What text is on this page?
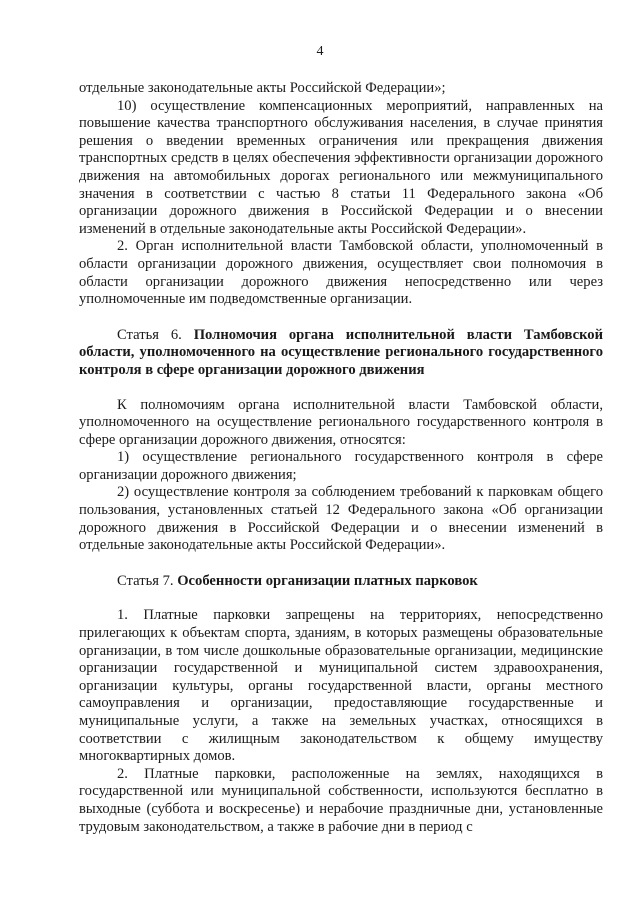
4

отдельные законодательные акты Российской Федерации»;

10) осуществление компенсационных мероприятий, направленных на повышение качества транспортного обслуживания населения, в случае принятия решения о введении временных ограничения или прекращения движения транспортных средств в целях обеспечения эффективности организации дорожного движения на автомобильных дорогах регионального или межмуниципального значения в соответствии с частью 8 статьи 11 Федерального закона «Об организации дорожного движения в Российской Федерации и о внесении изменений в отдельные законодательные акты Российской Федерации».

2. Орган исполнительной власти Тамбовской области, уполномоченный в области организации дорожного движения, осуществляет свои полномочия в области организации дорожного движения непосредственно или через уполномоченные им подведомственные организации.

Статья 6. Полномочия органа исполнительной власти Тамбовской области, уполномоченного на осуществление регионального государственного контроля в сфере организации дорожного движения

К полномочиям органа исполнительной власти Тамбовской области, уполномоченного на осуществление регионального государственного контроля в сфере организации дорожного движения, относятся:

1) осуществление регионального государственного контроля в сфере организации дорожного движения;

2) осуществление контроля за соблюдением требований к парковкам общего пользования, установленных статьей 12 Федерального закона «Об организации дорожного движения в Российской Федерации и о внесении изменений в отдельные законодательные акты Российской Федерации».

Статья 7. Особенности организации платных парковок

1. Платные парковки запрещены на территориях, непосредственно прилегающих к объектам спорта, зданиям, в которых размещены образовательные организации, в том числе дошкольные образовательные организации, медицинские организации государственной и муниципальной систем здравоохранения, организации культуры, органы государственной власти, органы местного самоуправления и организации, предоставляющие государственные и муниципальные услуги, а также на земельных участках, относящихся в соответствии с жилищным законодательством к общему имуществу многоквартирных домов.

2. Платные парковки, расположенные на землях, находящихся в государственной или муниципальной собственности, используются бесплатно в выходные (суббота и воскресенье) и нерабочие праздничные дни, установленные трудовым законодательством, а также в рабочие дни в период с
